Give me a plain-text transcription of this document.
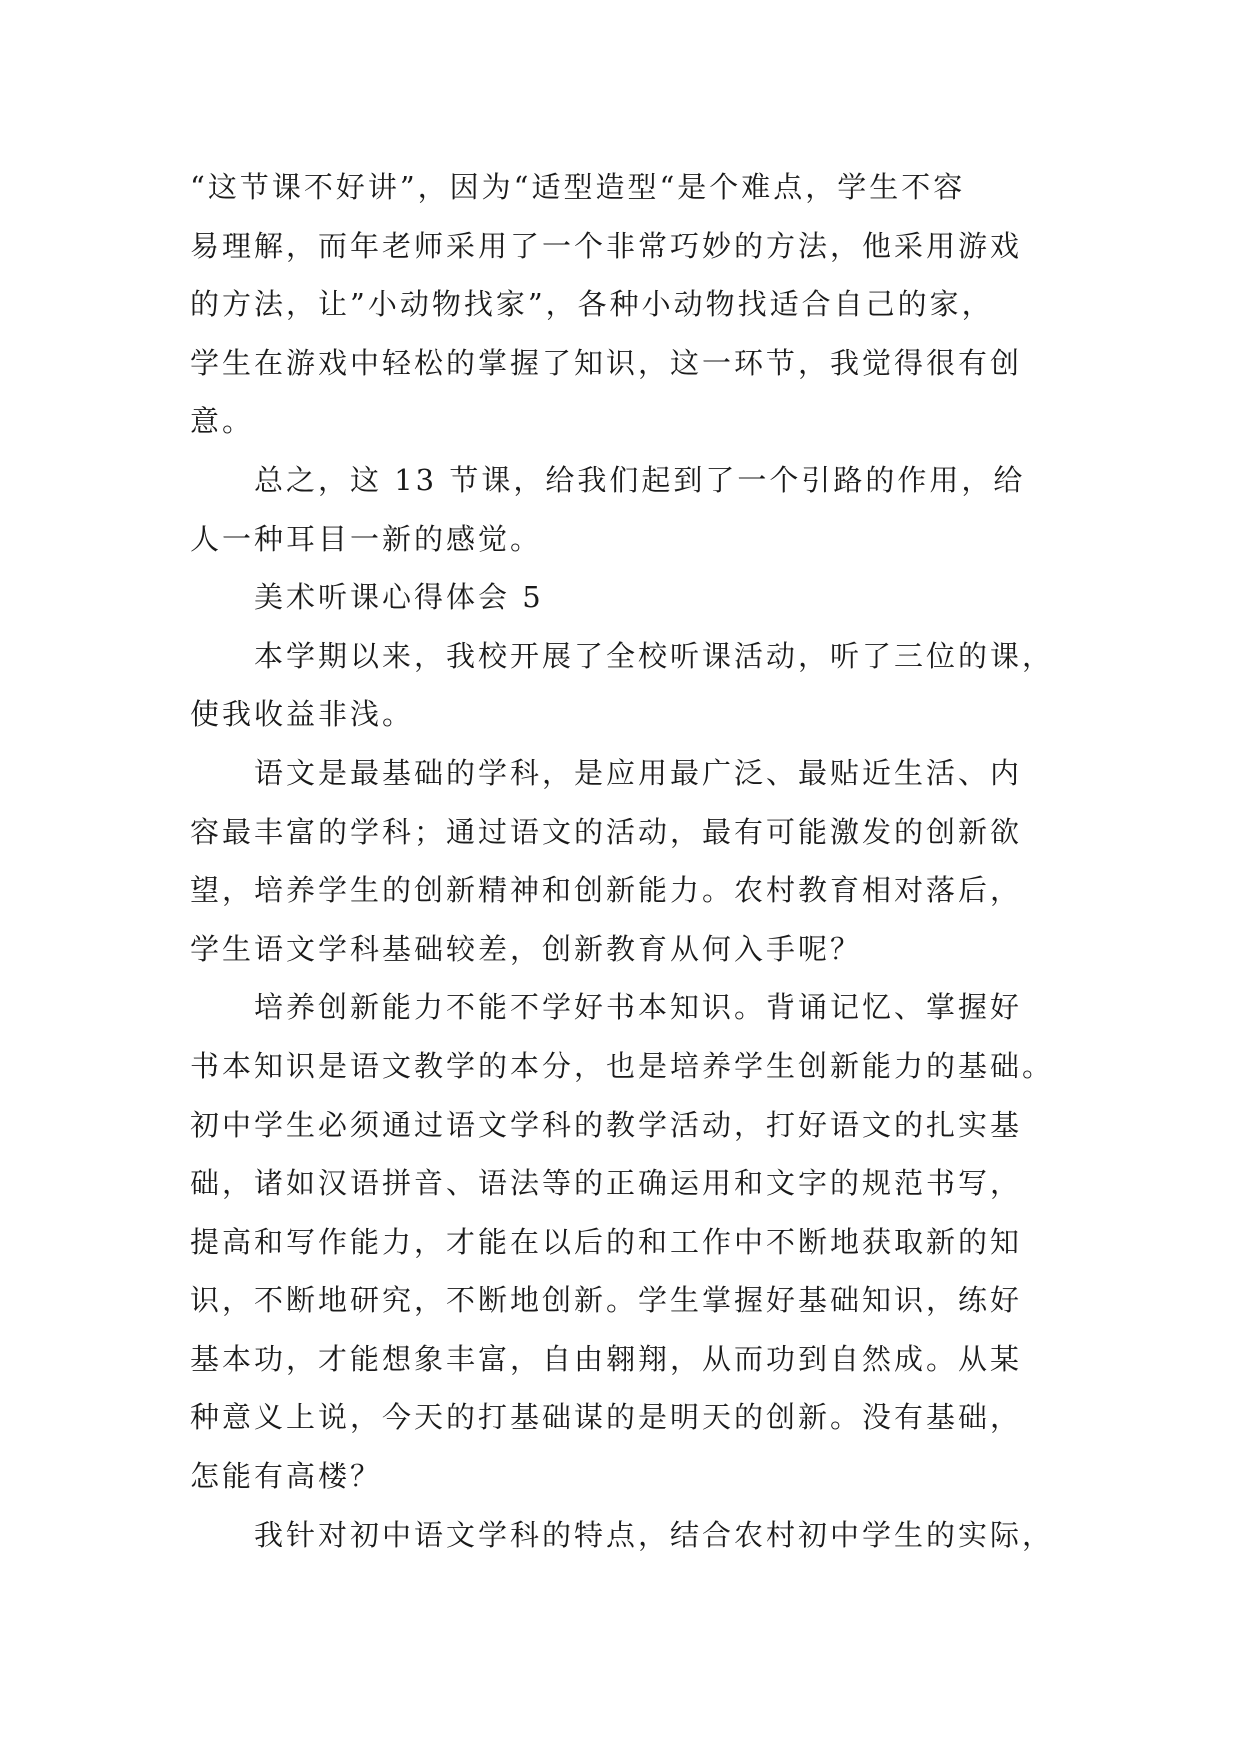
“这节课不好讲”，因为“适型造型“是个难点，学生不容
易理解，而年老师采用了一个非常巧妙的方法，他采用游戏
的方法，让”小动物找家”，各种小动物找适合自己的家，
学生在游戏中轻松的掌握了知识，这一环节，我觉得很有创
意。
总之，这 13 节课，给我们起到了一个引路的作用，给
人一种耳目一新的感觉。
美术听课心得体会 5
本学期以来，我校开展了全校听课活动，听了三位的课，
使我收益非浅。
语文是最基础的学科，是应用最广泛、最贴近生活、内
容最丰富的学科；通过语文的活动，最有可能激发的创新欲
望，培养学生的创新精神和创新能力。农村教育相对落后，
学生语文学科基础较差，创新教育从何入手呢？
培养创新能力不能不学好书本知识。背诵记忆、掌握好
书本知识是语文教学的本分，也是培养学生创新能力的基础。
初中学生必须通过语文学科的教学活动，打好语文的扎实基
础，诸如汉语拼音、语法等的正确运用和文字的规范书写，
提高和写作能力，才能在以后的和工作中不断地获取新的知
识，不断地研究，不断地创新。学生掌握好基础知识，练好
基本功，才能想象丰富，自由翱翔，从而功到自然成。从某
种意义上说，今天的打基础谋的是明天的创新。没有基础，
怎能有高楼？
我针对初中语文学科的特点，结合农村初中学生的实际，
